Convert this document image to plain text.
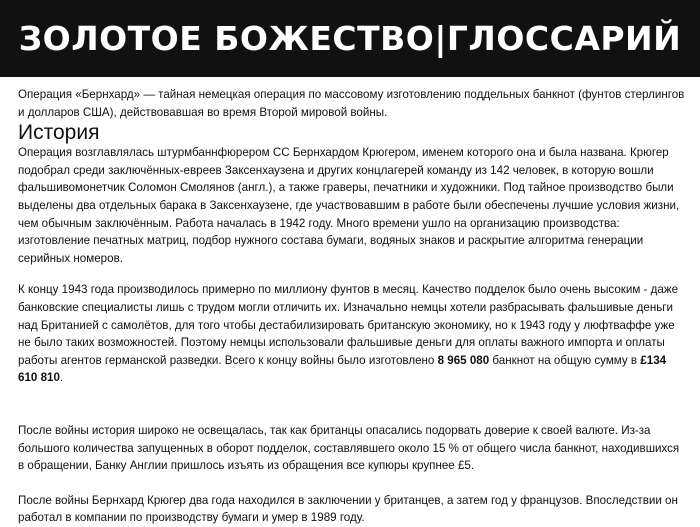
ЗОЛОТОЕ БОЖЕСТВО|ГЛОССАРИЙ

Операция «Бернхард» — тайная немецкая операция по массовому изготовлению поддельных банкнот (фунтов стерлингов и долларов США), действовавшая во время Второй мировой войны.

История

Операция возглавлялась штурмбаннфюрером СС Бернхардом Крюгером, именем которого она и была названа. Крюгер подобрал среди заключённых-евреев Заксенхаузена и других концлагерей команду из 142 человек, в которую вошли фальшивомонетчик Соломон Смолянов (англ.), а также граверы, печатники и художники. Под тайное производство были выделены два отдельных барака в Заксенхаузене, где участвовавшим в работе были обеспечены лучшие условия жизни, чем обычным заключённым. Работа началась в 1942 году. Много времени ушло на организацию производства: изготовление печатных матриц, подбор нужного состава бумаги, водяных знаков и раскрытие алгоритма генерации серийных номеров.

К концу 1943 года производилось примерно по миллиону фунтов в месяц. Качество подделок было очень высоким - даже банковские специалисты лишь с трудом могли отличить их. Изначально немцы хотели разбрасывать фальшивые деньги над Британией с самолётов, для того чтобы дестабилизировать британскую экономику, но к 1943 году у люфтваффе уже не было таких возможностей. Поэтому немцы использовали фальшивые деньги для оплаты важного импорта и оплаты работы агентов германской разведки. Всего к концу войны было изготовлено 8 965 080 банкнот на общую сумму в £134 610 810.

После войны история широко не освещалась, так как британцы опасались подорвать доверие к своей валюте. Из-за большого количества запущенных в оборот подделок, составлявшего около 15 % от общего числа банкнот, находившихся в обращении, Банку Англии пришлось изъять из обращения все купюры крупнее £5.

После войны Бернхард Крюгер два года находился в заключении у британцев, а затем год у французов. Впоследствии он работал в компании по производству бумаги и умер в 1989 году.
